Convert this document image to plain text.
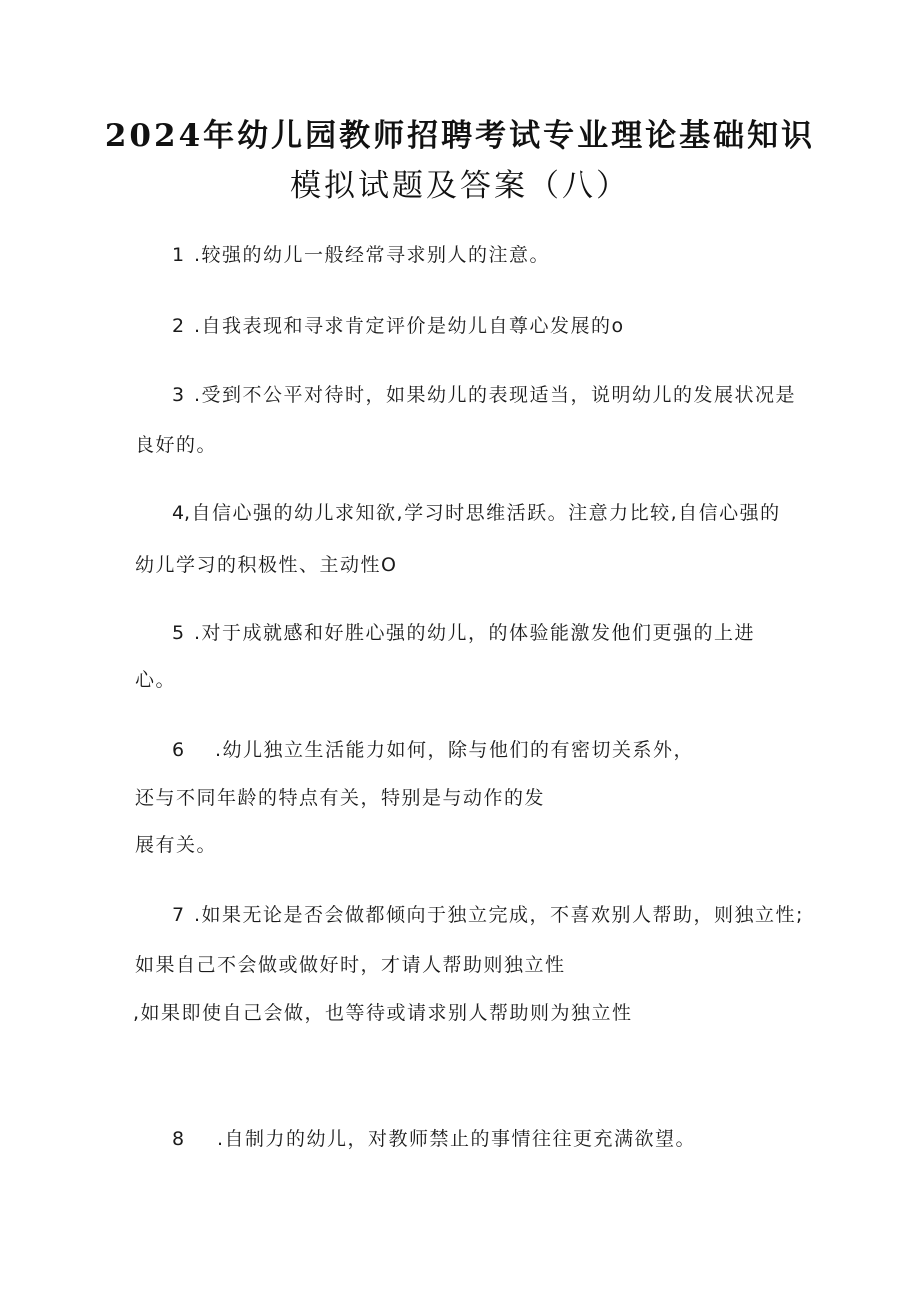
2024年幼儿园教师招聘考试专业理论基础知识
模拟试题及答案（八）
1 .较强的幼儿一般经常寻求别人的注意。
2 .自我表现和寻求肯定评价是幼儿自尊心发展的o
3 .受到不公平对待时，如果幼儿的表现适当，说明幼儿的发展状况是
良好的。
4,自信心强的幼儿求知欲,学习时思维活跃。注意力比较,自信心强的
幼儿学习的积极性、主动性O
5 .对于成就感和好胜心强的幼儿，的体验能激发他们更强的上进
心。
6 .幼儿独立生活能力如何，除与他们的有密切关系外，
还与不同年龄的特点有关，特别是与动作的发
展有关。
7 .如果无论是否会做都倾向于独立完成，不喜欢别人帮助，则独立性;
如果自己不会做或做好时，才请人帮助则独立性
,如果即使自己会做，也等待或请求别人帮助则为独立性
8 .自制力的幼儿，对教师禁止的事情往往更充满欲望。
